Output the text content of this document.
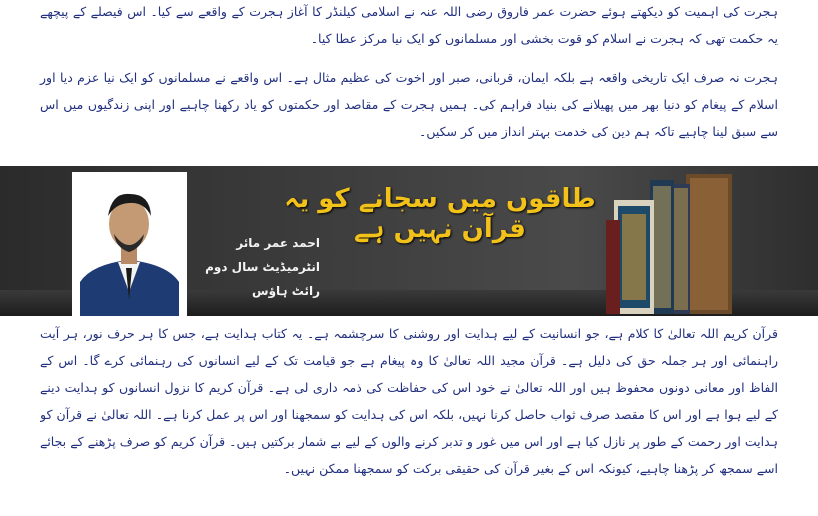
ہجرت کی اہمیت کو دیکھتے ہوئے حضرت عمر فاروق رضی اللہ عنہ نے اسلامی کیلنڈر کا آغاز ہجرت کے واقعے سے کیا۔ اس فیصلے کے پیچھے یہ حکمت تھی کہ ہجرت نے اسلام کو قوت بخشی اور مسلمانوں کو ایک نیا مرکز عطا کیا۔
ہجرت نہ صرف ایک تاریخی واقعہ ہے بلکہ ایمان، قربانی، صبر اور اخوت کی عظیم مثال ہے۔ اس واقعے نے مسلمانوں کو ایک نیا عزم دیا اور اسلام کے پیغام کو دنیا بھر میں پھیلانے کی بنیاد فراہم کی۔ ہمیں ہجرت کے مقاصد اور حکمتوں کو یاد رکھنا چاہیے اور اپنی زندگیوں میں اس سے سبق لینا چاہیے تاکہ ہم دین کی خدمت بہتر انداز میں کر سکیں۔
طاقوں میں سجانے کو یہ قرآن نہیں ہے
احمد عمر مائر
انٹرمیڈیٹ سال دوم
رائٹ ہاؤس
قرآن کریم اللہ تعالیٰ کا کلام ہے، جو انسانیت کے لیے ہدایت اور روشنی کا سرچشمہ ہے۔ یہ کتاب ہدایت ہے، جس کا ہر حرف نور، ہر آیت راہنمائی اور ہر جملہ حق کی دلیل ہے۔ قرآن مجید اللہ تعالیٰ کا وہ پیغام ہے جو قیامت تک کے لیے انسانوں کی رہنمائی کرے گا۔ اس کے الفاظ اور معانی دونوں محفوظ ہیں اور اللہ تعالیٰ نے خود اس کی حفاظت کی ذمہ داری لی ہے۔ قرآن کریم کا نزول انسانوں کو ہدایت دینے کے لیے ہوا ہے اور اس کا مقصد صرف ثواب حاصل کرنا نہیں، بلکہ اس کی ہدایت کو سمجھنا اور اس پر عمل کرنا ہے۔ اللہ تعالیٰ نے قرآن کو ہدایت اور رحمت کے طور پر نازل کیا ہے اور اس میں غور و تدبر کرنے والوں کے لیے بے شمار برکتیں ہیں۔ قرآن کریم کو صرف پڑھنے کے بجائے اسے سمجھ کر پڑھنا چاہیے، کیونکہ اس کے بغیر قرآن کی حقیقی برکت کو سمجھنا ممکن نہیں۔
